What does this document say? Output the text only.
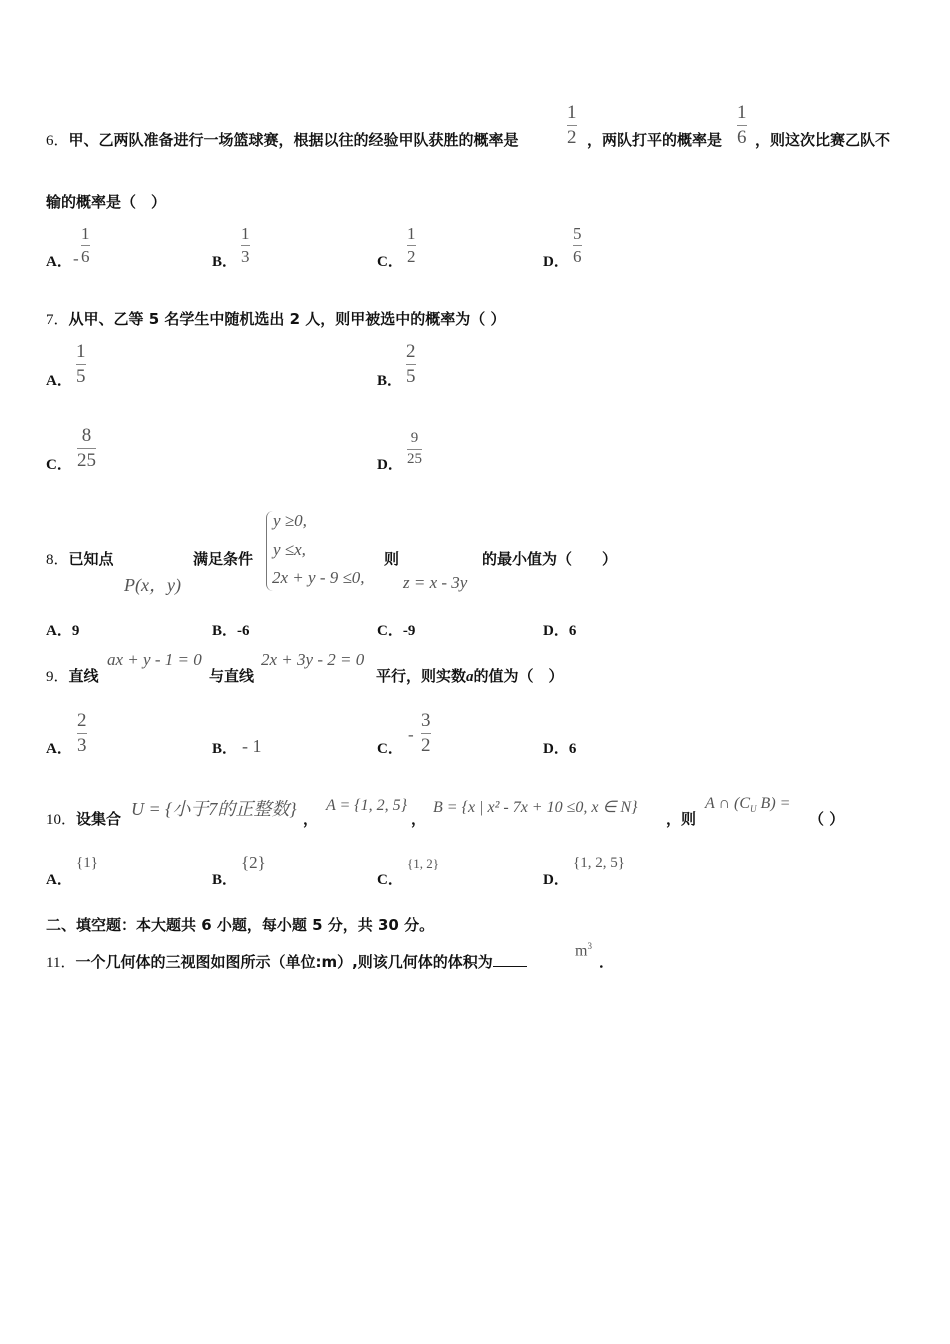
6．甲、乙两队准备进行一场篮球赛，根据以往的经验甲队获胜的概率是
1
2 ，两队打平的概率是
1
6 ，则这次比赛乙队不
输的概率是（　）
A． -
1
6	B．
1
3	C．
1
2	D．
5
6
7．从甲、乙等 5 名学生中随机选出 2 人，则甲被选中的概率为（ ）
A．
1
5	B．
2
5
C．
8
25	D．
9
25
8．已知点
P(x，y)
满足条件
y ≥0,
y ≤x,
2x + y - 9 ≤0,
则
z = x - 3y
的最小值为（　　）
A．9	B．-6	C．-9	D．6
9．直线
ax + y - 1 = 0
与直线
2x + 3y - 2 = 0
平行，则实数a的值为（　）
A．
2
3	B． - 1	C．
-
3
2	D．6
10．设集合 U = {小于7的正整数} ，
A = {1, 2, 5}
，
B = {x | x² - 7x + 10 ≤0, x ∈ N}
，则
A ∩ ($C_U$ B) =
（ ）
A．
{1}
B．
{2}
C．
{1, 2}
D．
{1, 2, 5}
二、填空题：本大题共 6 小题，每小题 5 分，共 30 分。
11．一个几何体的三视图如图所示（单位:m）,则该几何体的体积为
$m^3$
．
